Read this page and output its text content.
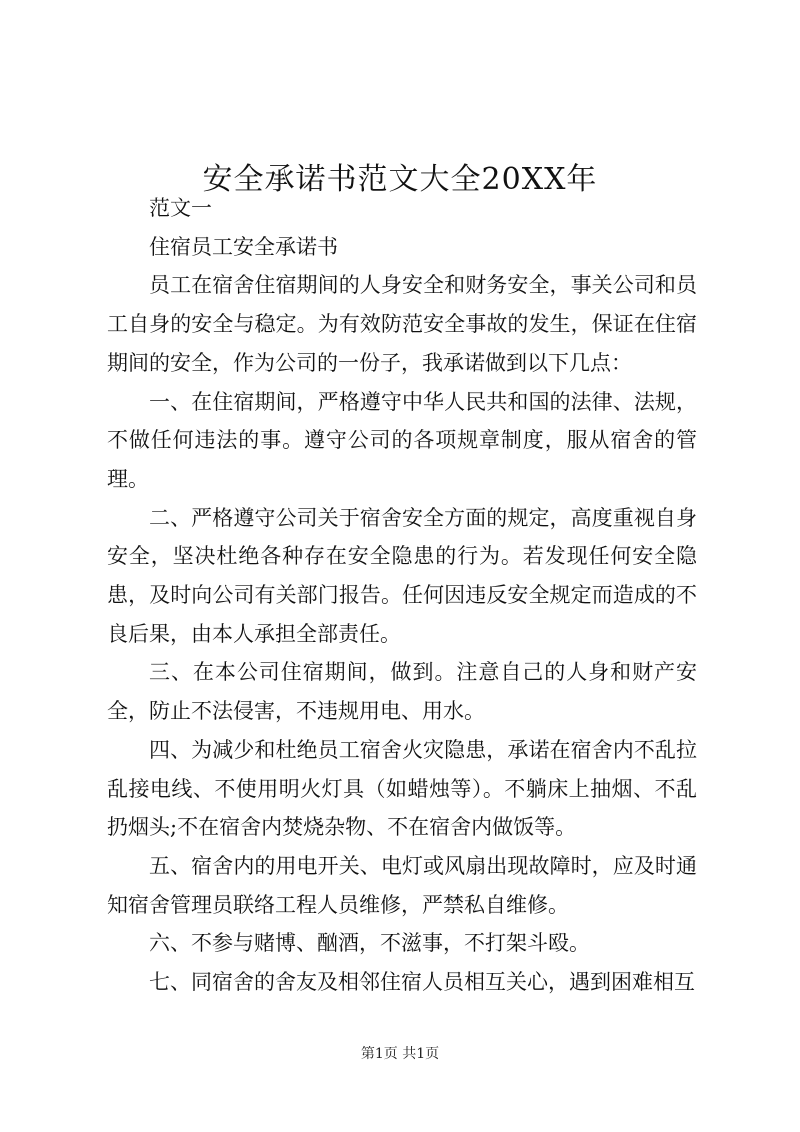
安全承诺书范文大全20XX年

范文一

住宿员工安全承诺书

员工在宿舍住宿期间的人身安全和财务安全，事关公司和员工自身的安全与稳定。为有效防范安全事故的发生，保证在住宿期间的安全，作为公司的一份子，我承诺做到以下几点：

一、在住宿期间，严格遵守中华人民共和国的法律、法规，不做任何违法的事。遵守公司的各项规章制度，服从宿舍的管理。

二、严格遵守公司关于宿舍安全方面的规定，高度重视自身安全，坚决杜绝各种存在安全隐患的行为。若发现任何安全隐患，及时向公司有关部门报告。任何因违反安全规定而造成的不良后果，由本人承担全部责任。

三、在本公司住宿期间，做到。注意自己的人身和财产安全，防止不法侵害，不违规用电、用水。

四、为减少和杜绝员工宿舍火灾隐患，承诺在宿舍内不乱拉乱接电线、不使用明火灯具（如蜡烛等）。不躺床上抽烟、不乱扔烟头;不在宿舍内焚烧杂物、不在宿舍内做饭等。

五、宿舍内的用电开关、电灯或风扇出现故障时，应及时通知宿舍管理员联络工程人员维修，严禁私自维修。

六、不参与赌博、酗酒，不滋事，不打架斗殴。

七、同宿舍的舍友及相邻住宿人员相互关心，遇到困难相互

第1页 共1页
